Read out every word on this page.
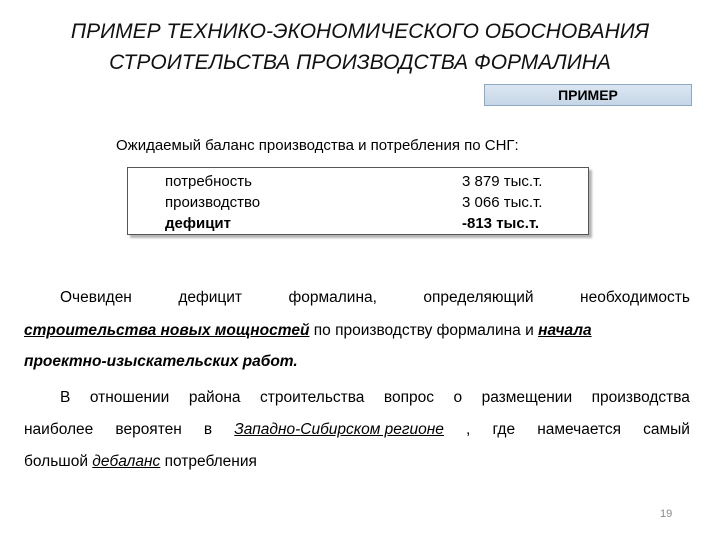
ПРИМЕР ТЕХНИКО-ЭКОНОМИЧЕСКОГО ОБОСНОВАНИЯ
СТРОИТЕЛЬСТВА ПРОИЗВОДСТВА ФОРМАЛИНА
ПРИМЕР
Ожидаемый баланс производства и потребления по СНГ:
потребность	3 879 тыс.т.
производство	3 066 тыс.т.
дефицит	-813 тыс.т.
Очевиден	дефицит	формалина,	определяющий	необходимость
строительства новых мощностей по производству формалина и начала
проектно-изыскательских работ.
В отношении района строительства вопрос о размещении производства
наиболее вероятен в Западно-Сибирском регионе , где намечается самый
большой дебаланс потребления
19
